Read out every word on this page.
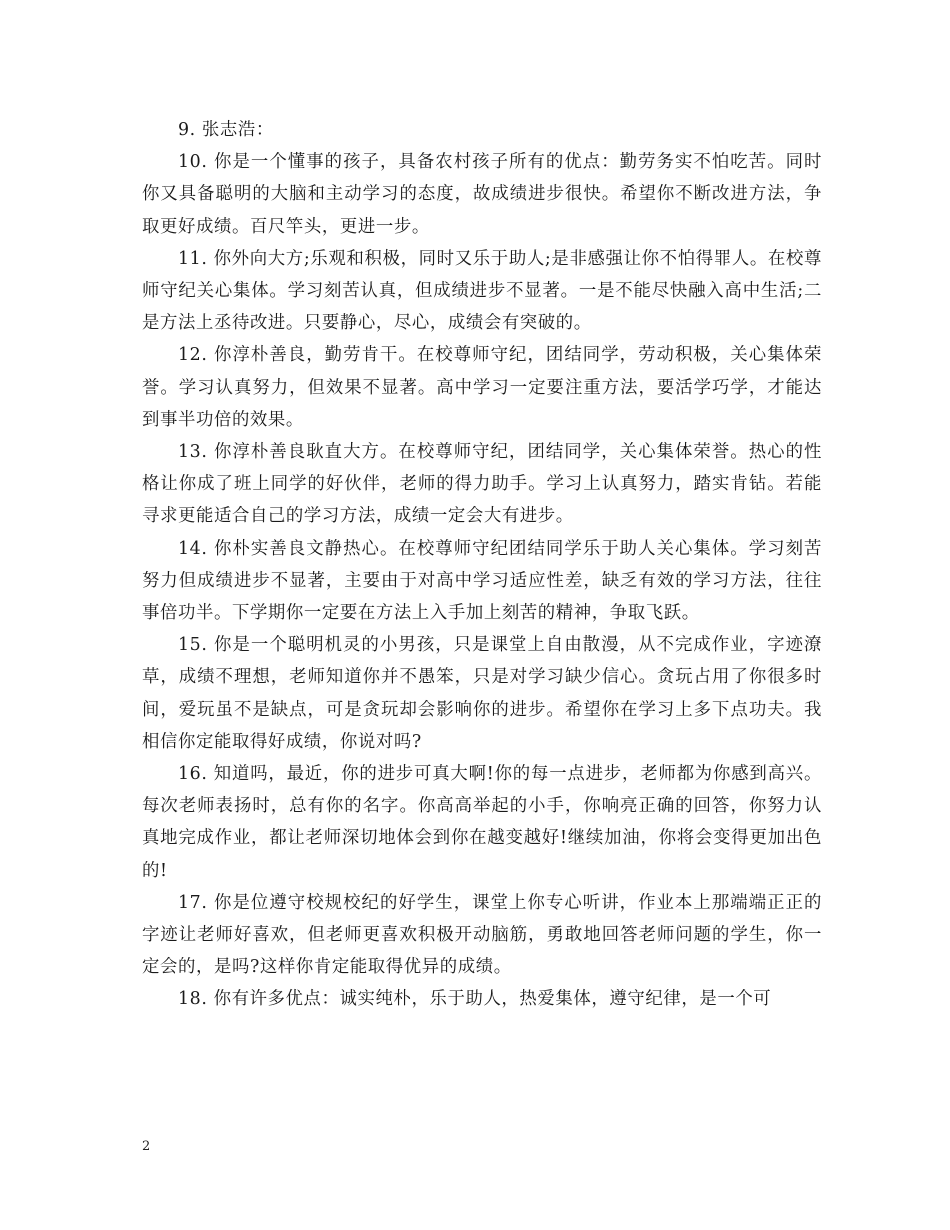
9. 张志浩：

10. 你是一个懂事的孩子，具备农村孩子所有的优点：勤劳务实不怕吃苦。同时你又具备聪明的大脑和主动学习的态度，故成绩进步很快。希望你不断改进方法，争取更好成绩。百尺竿头，更进一步。

11. 你外向大方;乐观和积极，同时又乐于助人;是非感强让你不怕得罪人。在校尊师守纪关心集体。学习刻苦认真，但成绩进步不显著。一是不能尽快融入高中生活;二是方法上丞待改进。只要静心，尽心，成绩会有突破的。

12. 你淳朴善良，勤劳肯干。在校尊师守纪，团结同学，劳动积极，关心集体荣誉。学习认真努力，但效果不显著。高中学习一定要注重方法，要活学巧学，才能达到事半功倍的效果。

13. 你淳朴善良耿直大方。在校尊师守纪，团结同学，关心集体荣誉。热心的性格让你成了班上同学的好伙伴，老师的得力助手。学习上认真努力，踏实肯钻。若能寻求更能适合自己的学习方法，成绩一定会大有进步。

14. 你朴实善良文静热心。在校尊师守纪团结同学乐于助人关心集体。学习刻苦努力但成绩进步不显著，主要由于对高中学习适应性差，缺乏有效的学习方法，往往事倍功半。下学期你一定要在方法上入手加上刻苦的精神，争取飞跃。

15. 你是一个聪明机灵的小男孩，只是课堂上自由散漫，从不完成作业，字迹潦草，成绩不理想，老师知道你并不愚笨，只是对学习缺少信心。贪玩占用了你很多时间，爱玩虽不是缺点，可是贪玩却会影响你的进步。希望你在学习上多下点功夫。我相信你定能取得好成绩，你说对吗?

16. 知道吗，最近，你的进步可真大啊!你的每一点进步，老师都为你感到高兴。每次老师表扬时，总有你的名字。你高高举起的小手，你响亮正确的回答，你努力认真地完成作业，都让老师深切地体会到你在越变越好!继续加油，你将会变得更加出色的!

17. 你是位遵守校规校纪的好学生，课堂上你专心听讲，作业本上那端端正正的字迹让老师好喜欢，但老师更喜欢积极开动脑筋，勇敢地回答老师问题的学生，你一定会的，是吗?这样你肯定能取得优异的成绩。

18. 你有许多优点：诚实纯朴，乐于助人，热爱集体，遵守纪律，是一个可

2
